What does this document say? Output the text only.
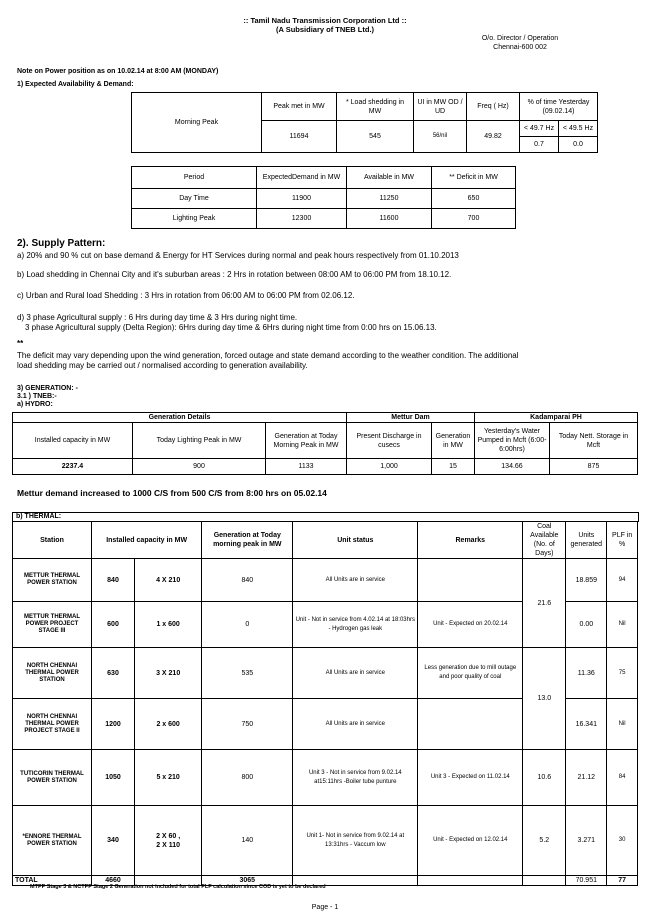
:: Tamil Nadu Transmission Corporation Ltd ::
(A Subsidiary of TNEB Ltd.)
O/o. Director / Operation
Chennai-600 002
Note on Power position as on 10.02.14 at 8:00 AM (MONDAY)
1) Expected Availability & Demand:
Morning Peak	Peak met in MW	* Load shedding in MW	UI in MW OD / UD	Freq ( Hz)	% of time Yesterday (09.02.14)	
	11694	545	56/nil	49.82	< 49.7 Hz	< 49.5 Hz
					0.7	0.0
Period	ExpectedDemand in MW	Available in MW	** Deficit in MW
Day Time	11900	11250	650
Lighting Peak	12300	11600	700
2). Supply Pattern:
a) 20% and 90 % cut on base demand & Energy for HT Services during normal and peak hours respectively from 01.10.2013
b) Load shedding in Chennai City and it's suburban areas : 2 Hrs in rotation between 08:00 AM to 06:00 PM from 18.10.12.
c) Urban and Rural load Shedding : 3 Hrs in rotation from 06:00 AM to 06:00 PM from 02.06.12.
d) 3 phase Agricultural supply : 6 Hrs during day time & 3 Hrs during night time.
3 phase Agricultural supply (Delta Region): 6Hrs during day time & 6Hrs during night time from 0:00 hrs on 15.06.13.
**
The deficit may vary depending upon the wind generation, forced outage and state demand according to the weather condition. The additional
load shedding may be carried out / normalised according to generation availability.
3) GENERATION: -
3.1 ) TNEB:-
a) HYDRO:
Generation Details			Mettur Dam		Kadamparai PH	
Installed capacity in MW	Today Lighting Peak in MW	Generation at Today Morning Peak in MW	Present Discharge in cusecs	Generation in MW	Yesterday's Water Pumped in Mcft (6:00-6:00hrs)	Today Nett. Storage in Mcft
2237.4	900	1133	1,000	15	134.66	875
Mettur demand increased to 1000 C/S from 500 C/S from 8:00 hrs on 05.02.14
b) THERMAL:
Station	Installed capacity in MW		Generation at Today morning peak in MW	Unit status	Remarks	Coal Available (No. of Days)	Units generated	PLF in %
METTUR THERMAL POWER STATION	840	4 X 210	840	All Units are in service		21.6	18.859	94
METTUR THERMAL POWER PROJECT STAGE III	600	1 x 600	0	Unit - Not in service from 4.02.14 at 18:03hrs - Hydrogen gas leak	Unit - Expected on 20.02.14		0.00	Nil
NORTH CHENNAI THERMAL POWER STATION	630	3 X 210	535	All Units are in service	Less generation due to mill outage and poor quality of coal	13.0	11.36	75
NORTH CHENNAI THERMAL POWER PROJECT STAGE II	1200	2 x 600	750	All Units are in service			16.341	Nil
TUTICORIN THERMAL POWER STATION	1050	5 x 210	800	Unit 3 - Not in service from 9.02.14 at15:11hrs -Boiler tube punture	Unit 3 - Expected on 11.02.14	10.6	21.12	84
*ENNORE THERMAL POWER STATION	340	2 X 60 ,
2 X 110	140	Unit 1- Not in service from 9.02.14 at 13:31hrs - Vaccum low	Unit - Expected on 12.02.14	5.2	3.271	30
TOTAL	4660		3065				70.951	77
MTPP Stage 3 & NCTPP Stage 2 Generation not included for total PLF calculation since COD is yet to be declared
Page - 1
